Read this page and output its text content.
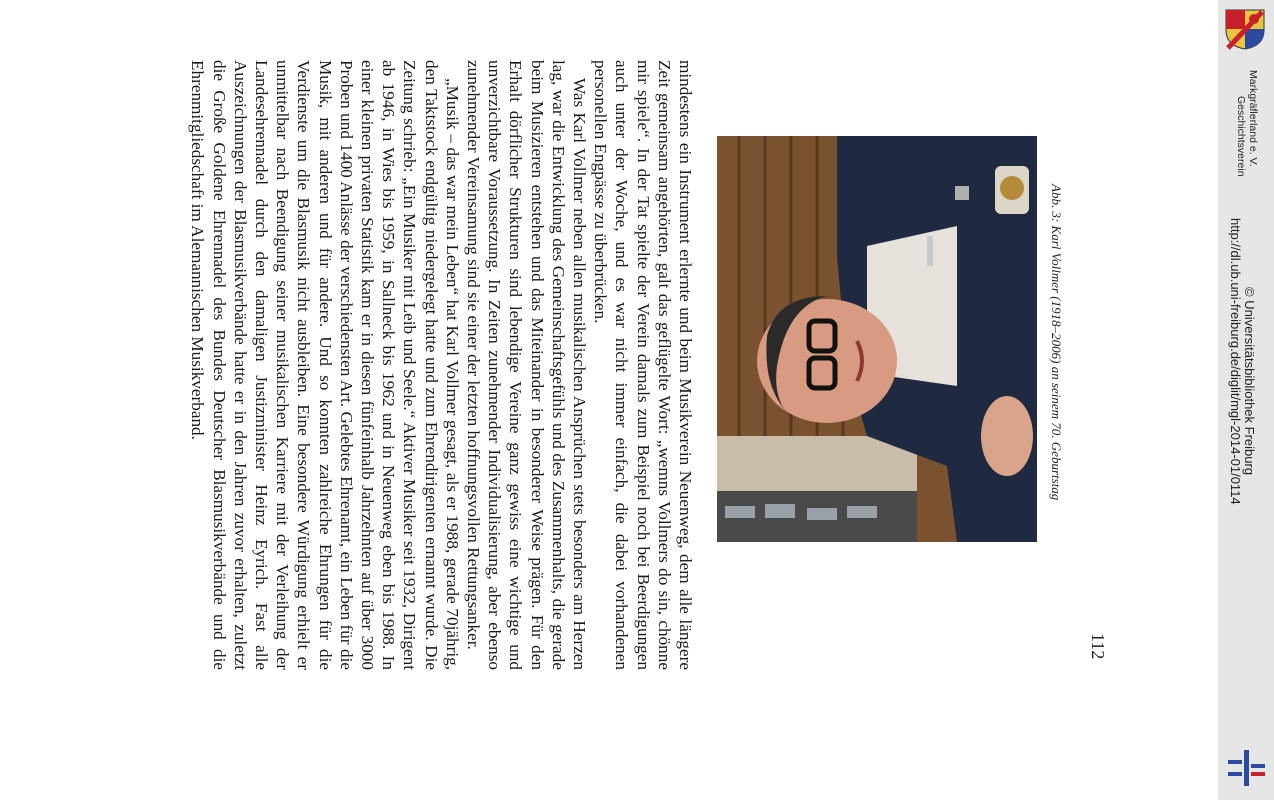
mindestens ein Instrument erlernte und beim Musikverein Neuenweg, dem alle längere Zeit gemeinsam angehörten, galt das geflügelte Wort: „wemns Vollmers do sin, chönne mir spiele“. In der Tat spielte der Verein damals zum Beispiel noch bei Beerdigungen auch unter der Woche, und es war nicht immer einfach, die dabei vorhandenen personellen Engpässe zu überbrücken.

Was Karl Vollmer neben allen musikalischen Ansprüchen stets besonders am Herzen lag, war die Entwicklung des Gemeinschaftsgefühls und des Zusammenhalts, die gerade beim Musizieren entstehen und das Miteinander in besonderer Weise prägen. Für den Erhalt dörflicher Strukturen sind lebendige Vereine ganz gewiss eine wichtige und unverzichtbare Voraussetzung. In Zeiten zunehmender Individualisierung, aber ebenso zunehmender Vereinsamung sind sie einer der letzten hoffnungsvollen Rettungsanker.

„Musik – das war mein Leben“ hat Karl Vollmer gesagt, als er 1988, gerade 70jährig, den Taktstock endgültig niedergelegt hatte und zum Ehrendirigenten ernannt wurde. Die Zeitung schrieb: „Ein Musiker mit Leib und Seele.“ Aktiver Musiker seit 1932, Dirigent ab 1946, in Wies bis 1959, in Sallneck bis 1962 und in Neuenweg eben bis 1988. In einer kleinen privaten Statistik kam er in diesen fünfeinhalb Jahrzehnten auf über 3000 Proben und 1400 Anlässe der verschiedensten Art. Gelebtes Ehrenamt, ein Leben für die Musik, mit anderen und für andere. Und so konnten zahlreiche Ehrungen für die Verdienste um die Blasmusik nicht ausbleiben. Eine besondere Würdigung erhielt er unmittelbar nach Beendigung seiner musikalischen Karriere mit der Verleihung der Landesehrennadel durch den damaligen Justizminister Heinz Eyrich. Fast alle Auszeichnungen der Blasmusikverbände hatte er in den Jahren zuvor erhalten, zuletzt die Große Goldene Ehrennadel des Bundes Deutscher Blasmusikverbände und die Ehrenmitgliedschaft im Alemannischen Musikverband.	Abb. 3: Karl Vollmer (1918–2006) an seinem 70. Geburtstag
112
Geschichtsverein Markgräflerland e. V.
http://dl.ub.uni-freiburg.de/diglit/mgl-2014-01/0114 © Universitätsbibliothek Freiburg
